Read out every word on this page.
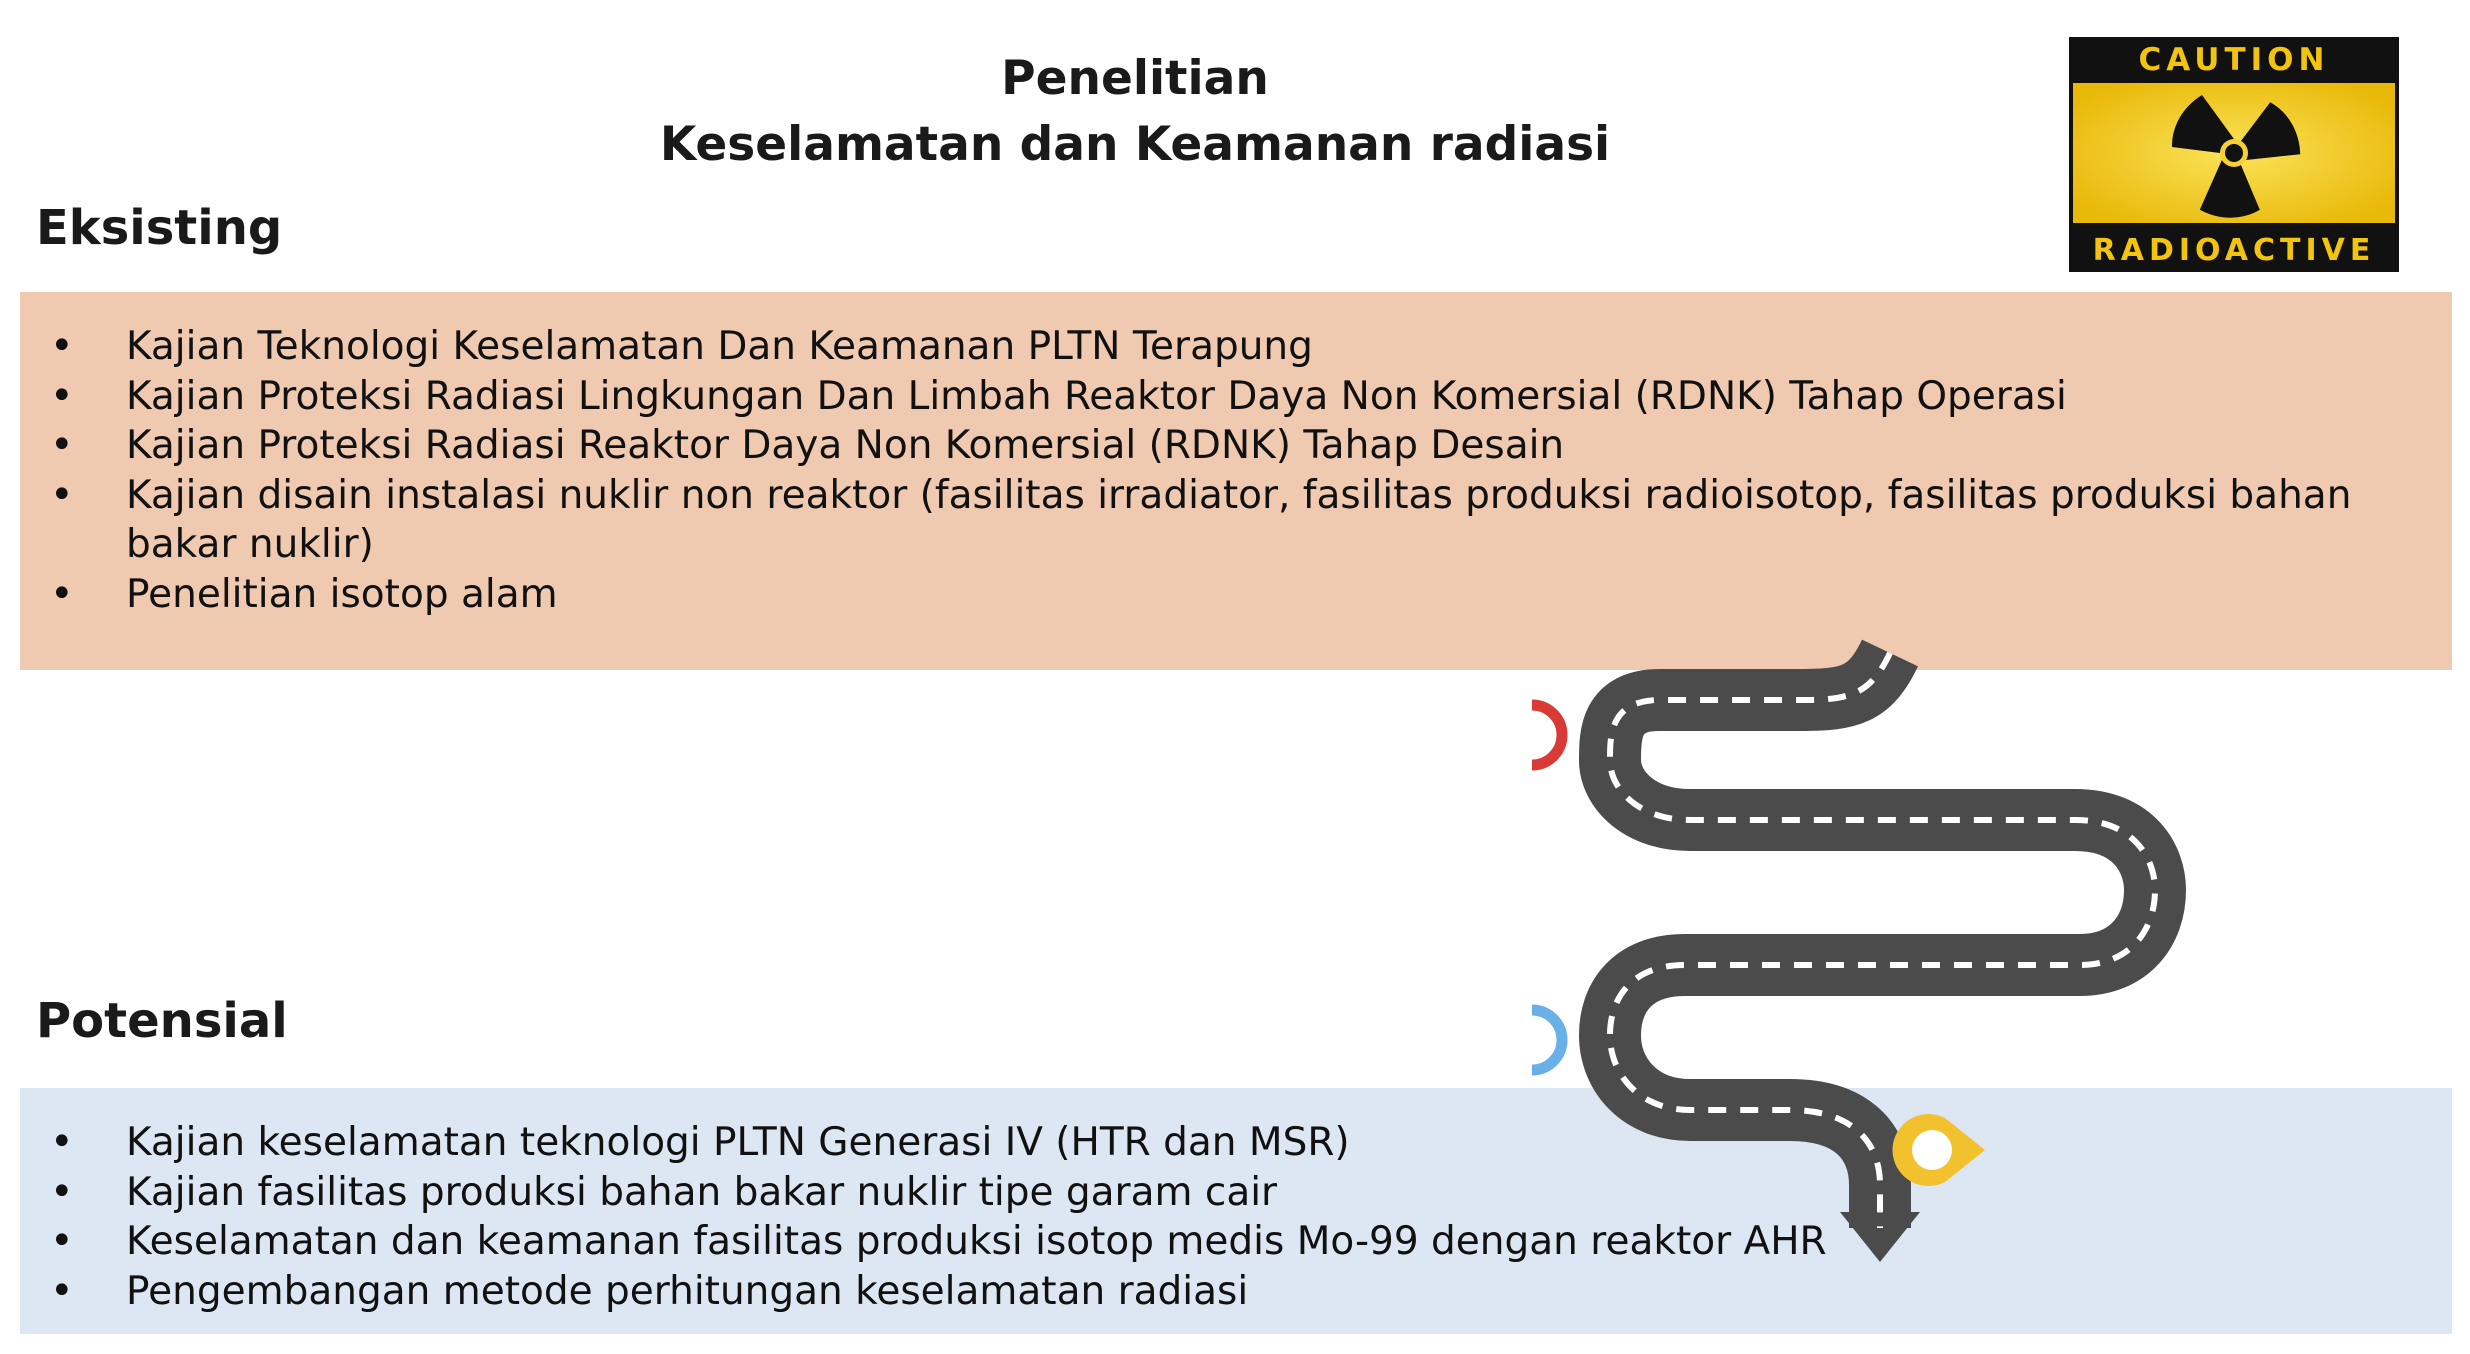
Penelitian
Keselamatan dan Keamanan radiasi
CAUTION
RADIOACTIVE
Eksisting
• Kajian Teknologi Keselamatan Dan Keamanan PLTN Terapung
• Kajian Proteksi Radiasi Lingkungan Dan Limbah Reaktor Daya Non Komersial (RDNK) Tahap Operasi
• Kajian Proteksi Radiasi Reaktor Daya Non Komersial (RDNK) Tahap Desain
• Kajian disain instalasi nuklir non reaktor (fasilitas irradiator, fasilitas produksi radioisotop, fasilitas produksi bahan bakar nuklir)
• Penelitian isotop alam
Potensial
• Kajian keselamatan teknologi PLTN Generasi IV (HTR dan MSR)
• Kajian fasilitas produksi bahan bakar nuklir tipe garam cair
• Keselamatan dan keamanan fasilitas produksi isotop medis Mo-99 dengan reaktor AHR
• Pengembangan metode perhitungan keselamatan radiasi
